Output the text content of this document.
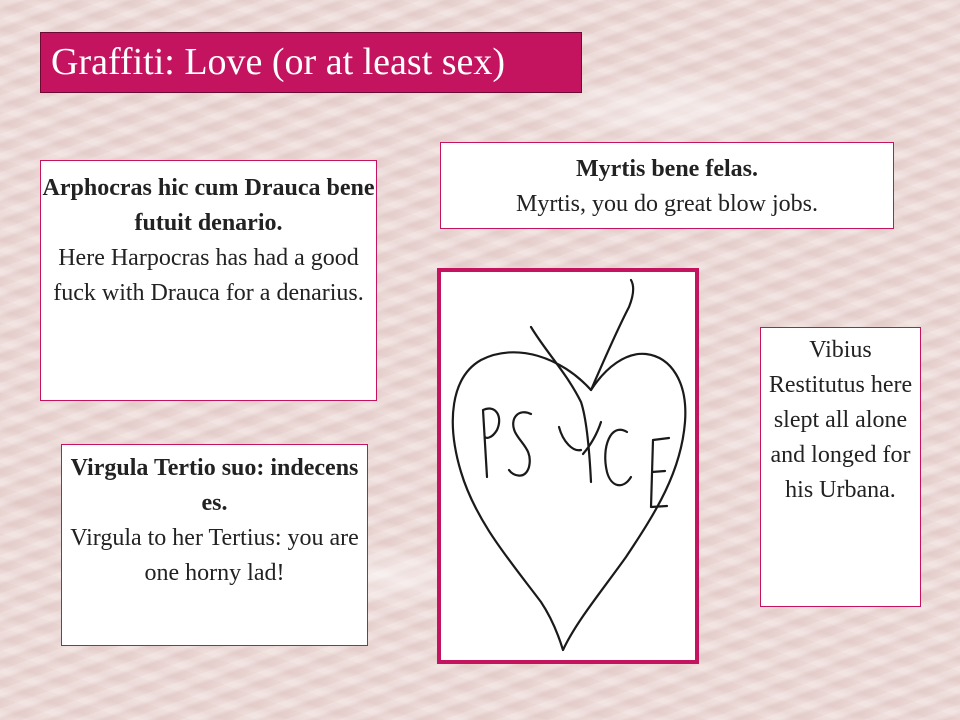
Graffiti: Love (or at least sex)
Arphocras hic cum Drauca bene futuit denario.
Here Harpocras has had a good fuck with Drauca for a denarius.
Myrtis bene felas.
Myrtis, you do great blow jobs.
Virgula Tertio suo: indecens es.
Virgula to her Tertius: you are one horny lad!
Vibius Restitutus here slept all alone and longed for his Urbana.
